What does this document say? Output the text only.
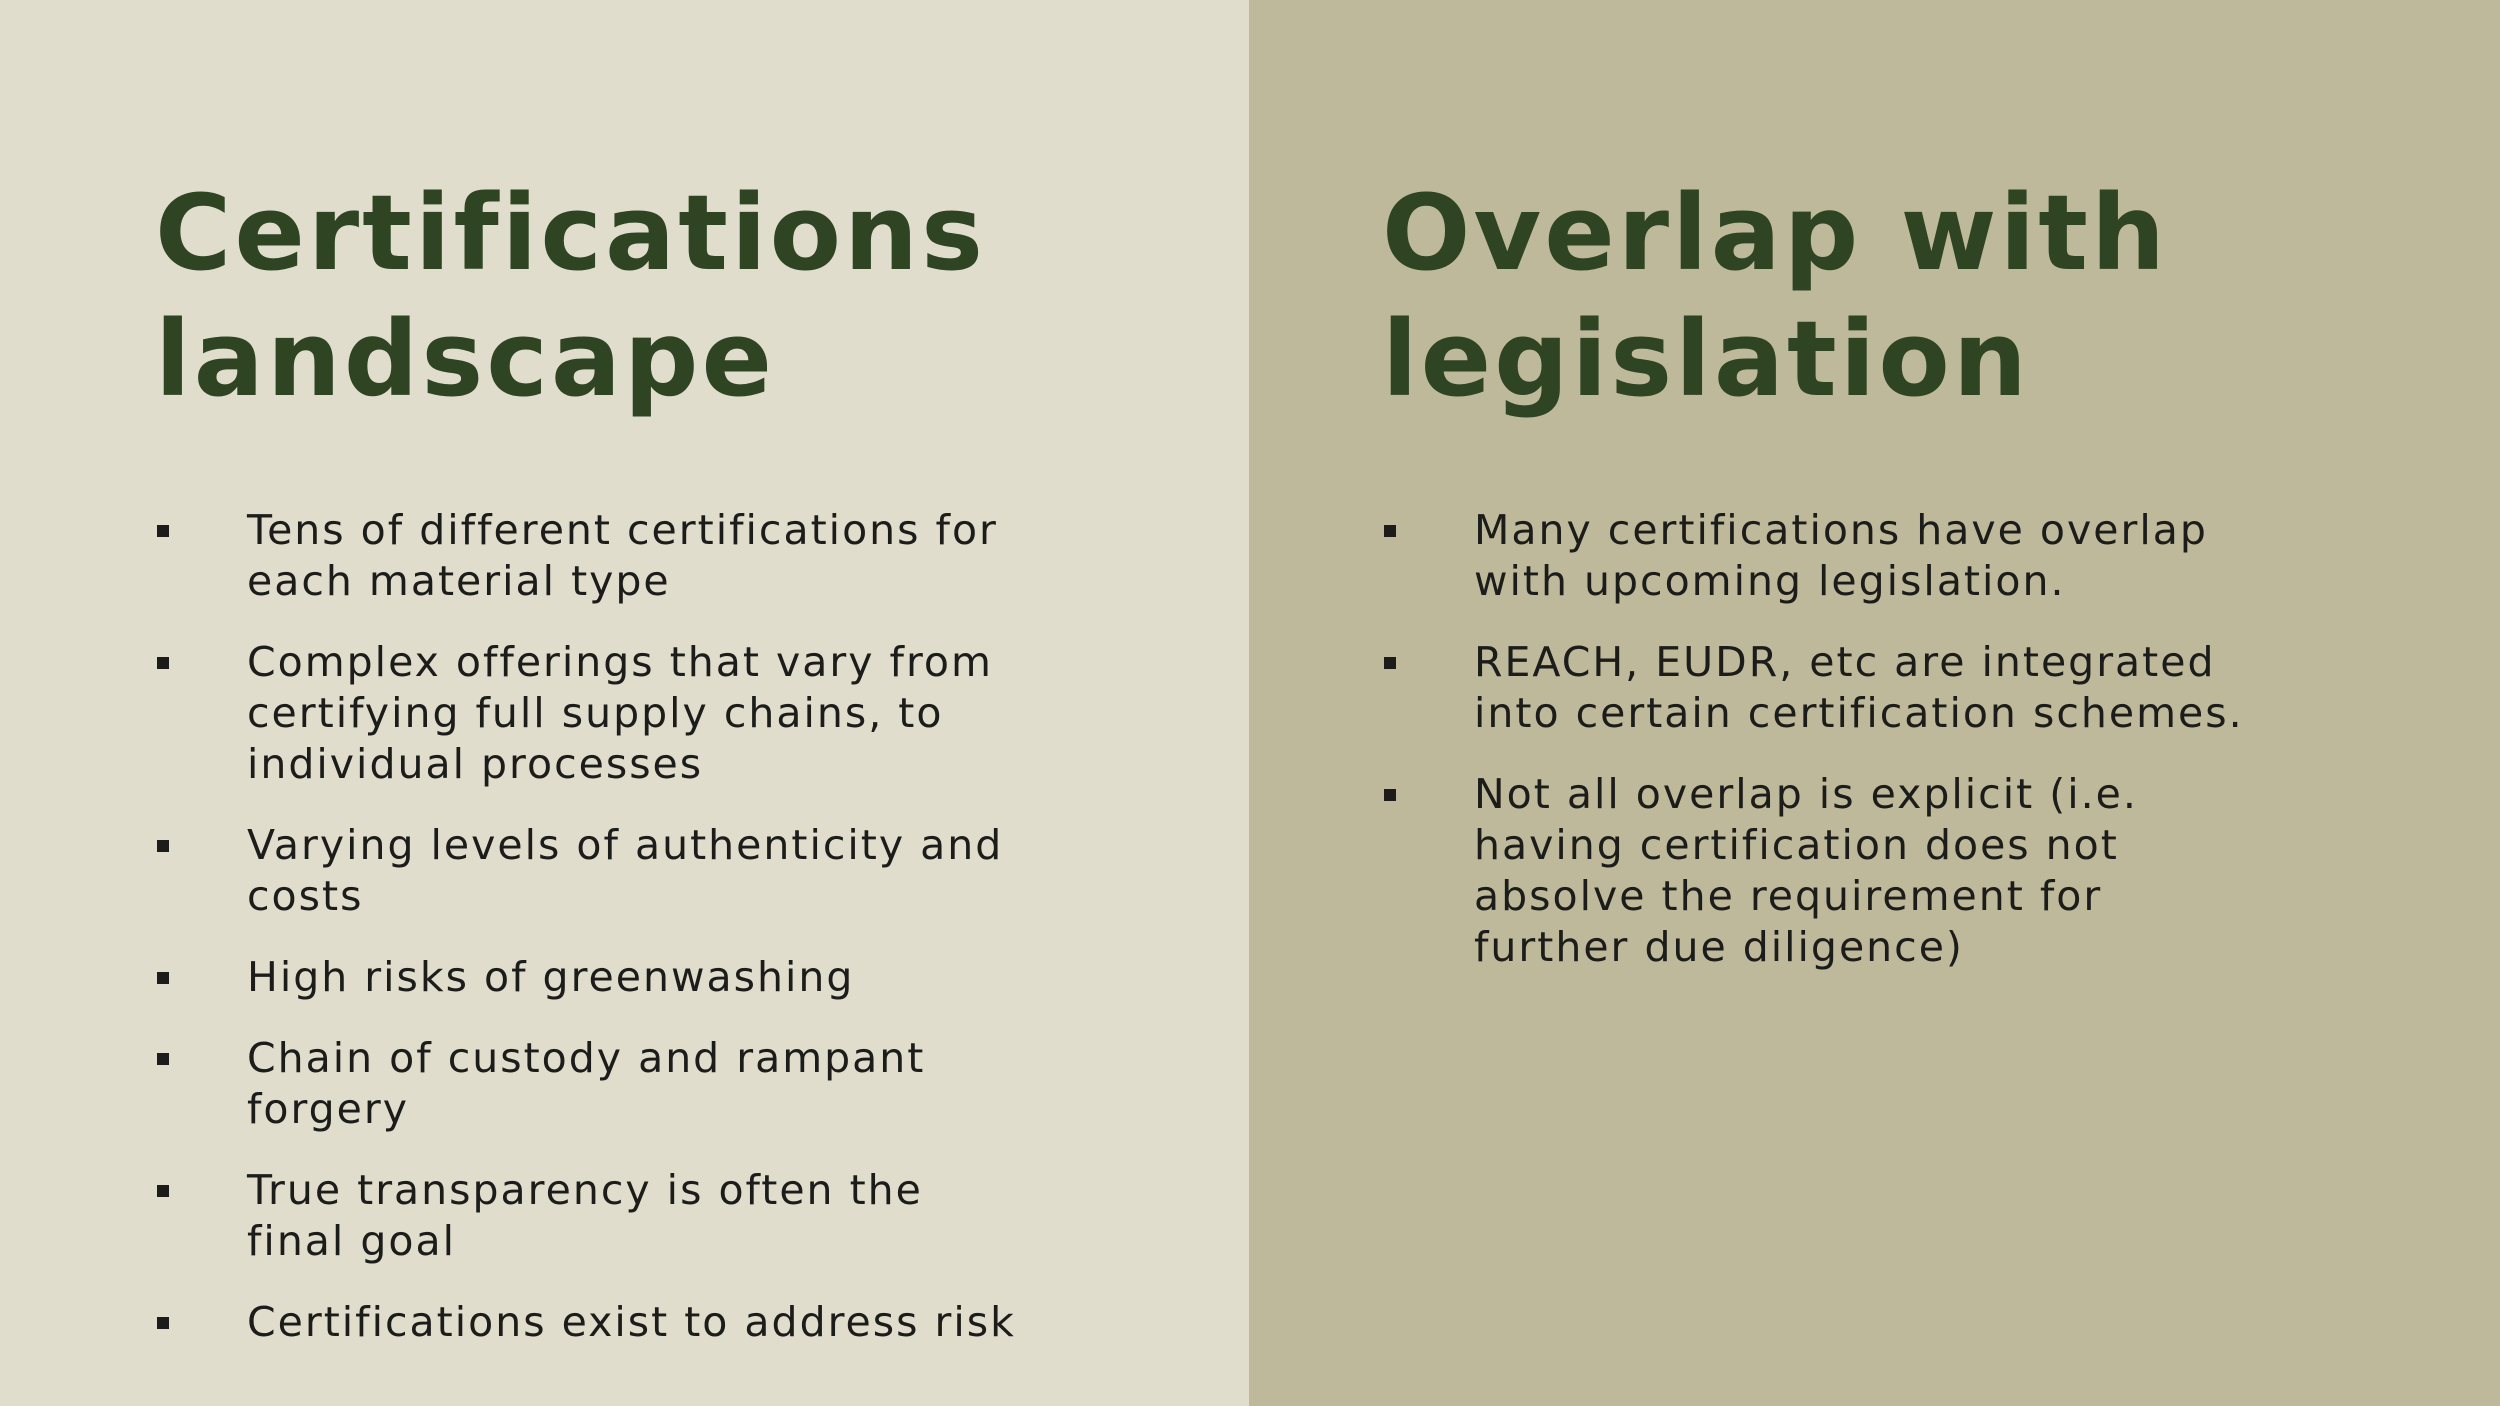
Certifications
landscape
Tens of different certifications for
each material type
Complex offerings that vary from
certifying full supply chains, to
individual processes
Varying levels of authenticity and
costs
High risks of greenwashing
Chain of custody and rampant
forgery
True transparency is often the
final goal
Certifications exist to address risk
Overlap with
legislation
Many certifications have overlap
with upcoming legislation.
REACH, EUDR, etc are integrated
into certain certification schemes.
Not all overlap is explicit (i.e.
having certification does not
absolve the requirement for
further due diligence)
